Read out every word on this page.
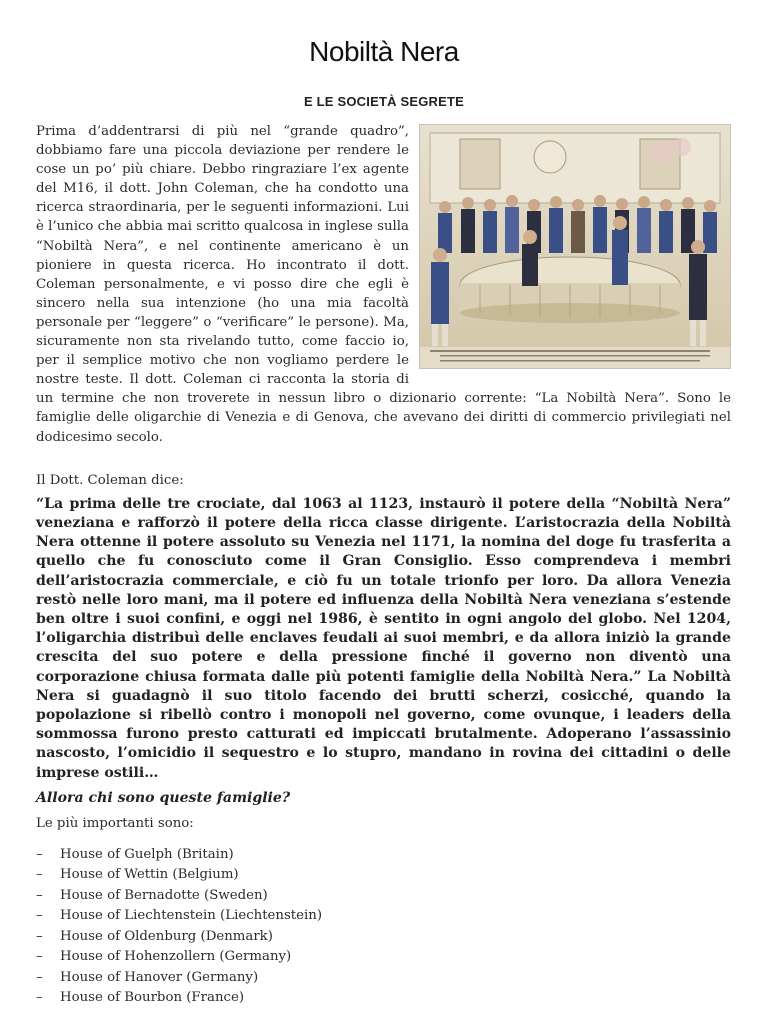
Nobiltà Nera
E LE SOCIETÀ SEGRETE

Prima d’addentrarsi di più nel “grande quadro”, dobbiamo fare una piccola deviazione per rendere le cose un po’ più chiare. Debbo ringraziare l’ex agente del M16, il dott. John Coleman, che ha condotto una ricerca straordinaria, per le seguenti informazioni. Lui è l’unico che abbia mai scritto qualcosa in inglese sulla “Nobiltà Nera”, e nel continente americano è un pioniere in questa ricerca. Ho incontrato il dott. Coleman personalmente, e vi posso dire che egli è sincero nella sua intenzione (ho una mia facoltà personale per “leggere” o “verificare” le persone). Ma, sicuramente non sta rivelando tutto, come faccio io, per il semplice motivo che non vogliamo perdere le nostre teste. Il dott. Coleman ci racconta la storia di un termine che non troverete in nessun libro o dizionario corrente: “La Nobiltà Nera”. Sono le famiglie delle oligarchie di Venezia e di Genova, che avevano dei diritti di commercio privilegiati nel dodicesimo secolo.

Il Dott. Coleman dice:

“La prima delle tre crociate, dal 1063 al 1123, instaurò il potere della “Nobiltà Nera” veneziana e rafforzò il potere della ricca classe dirigente. L’aristocrazia della Nobiltà Nera ottenne il potere assoluto su Venezia nel 1171, la nomina del doge fu trasferita a quello che fu conosciuto come il Gran Consiglio. Esso comprendeva i membri dell’aristocrazia commerciale, e ciò fu un totale trionfo per loro. Da allora Venezia restò nelle loro mani, ma il potere ed influenza della Nobiltà Nera veneziana s’estende ben oltre i suoi confini, e oggi nel 1986, è sentito in ogni angolo del globo. Nel 1204, l’oligarchia distribuì delle enclaves feudali ai suoi membri, e da allora iniziò la grande crescita del suo potere e della pressione finché il governo non diventò una corporazione chiusa formata dalle più potenti famiglie della Nobiltà Nera.” La Nobiltà Nera si guadagnò il suo titolo facendo dei brutti scherzi, cosicché, quando la popolazione si ribellò contro i monopoli nel governo, come ovunque, i leaders della sommossa furono presto catturati ed impiccati brutalmente. Adoperano l’assassinio nascosto, l’omicidio il sequestro e lo stupro, mandano in rovina dei cittadini o delle imprese ostili…

Allora chi sono queste famiglie?

Le più importanti sono:

–	House of Guelph (Britain)
–	House of Wettin (Belgium)
–	House of Bernadotte (Sweden)
–	House of Liechtenstein (Liechtenstein)
–	House of Oldenburg (Denmark)
–	House of Hohenzollern (Germany)
–	House of Hanover (Germany)
–	House of Bourbon (France)
